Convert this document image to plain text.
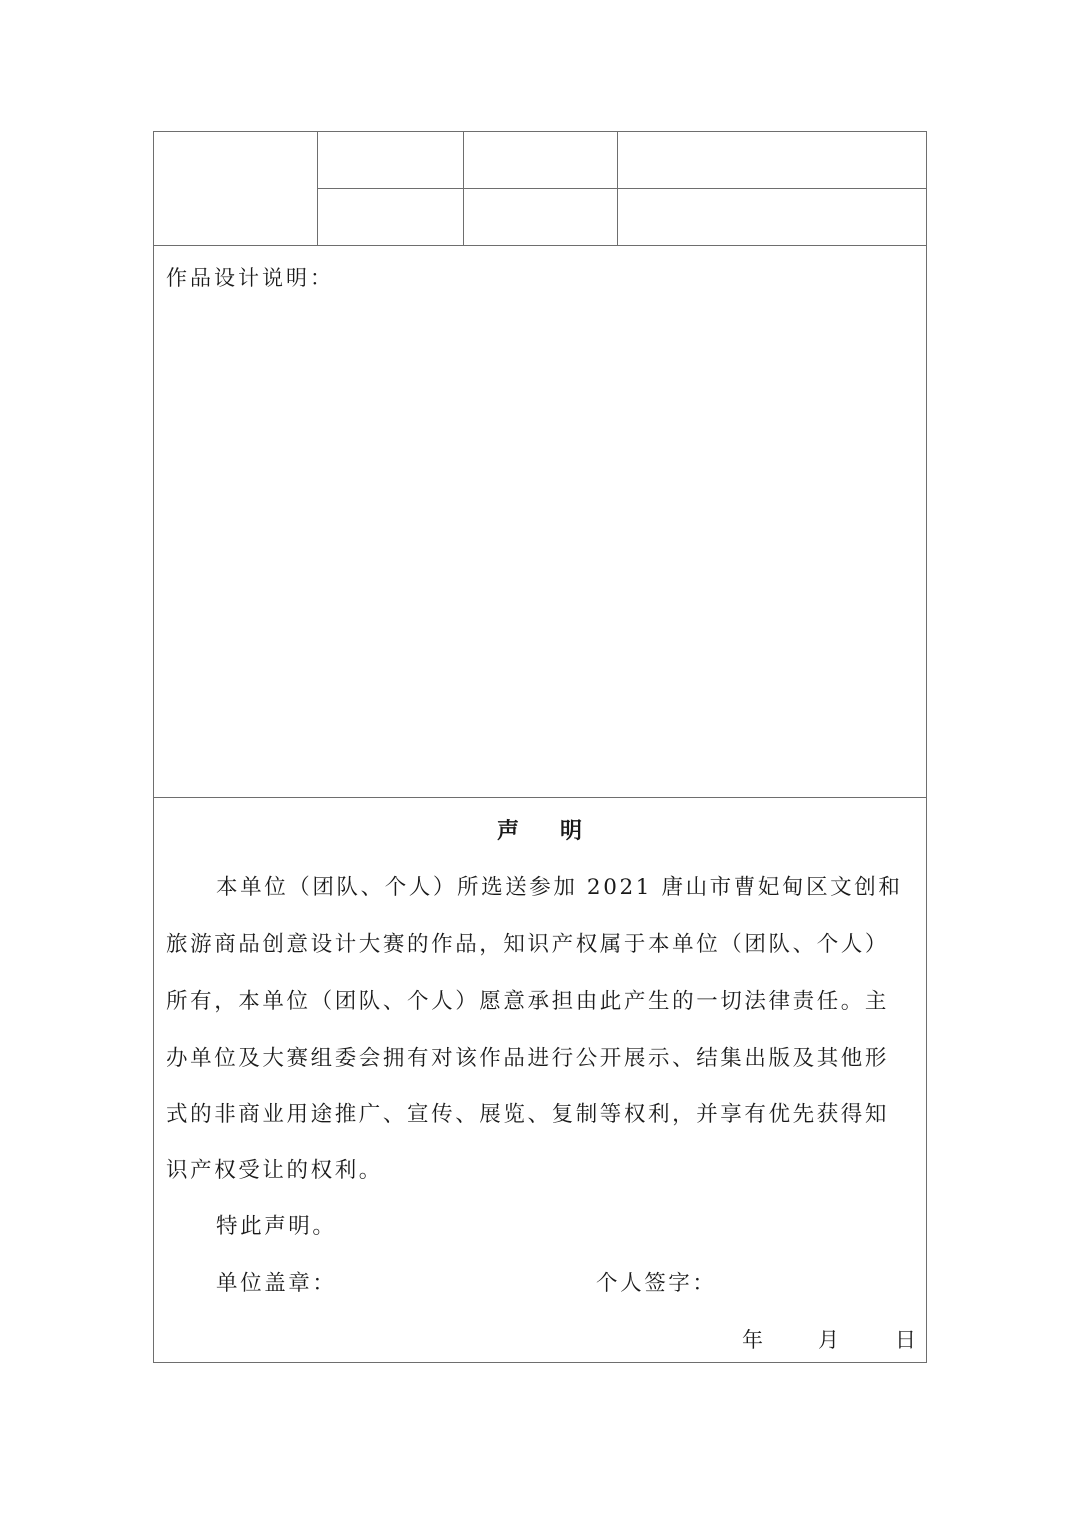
作品设计说明：
声 明
本单位（团队、个人）所选送参加 2021 唐山市曹妃甸区文创和
旅游商品创意设计大赛的作品，知识产权属于本单位（团队、个人）
所有，本单位（团队、个人）愿意承担由此产生的一切法律责任。主
办单位及大赛组委会拥有对该作品进行公开展示、结集出版及其他形
式的非商业用途推广、宣传、展览、复制等权利，并享有优先获得知
识产权受让的权利。
特此声明。
单位盖章：	个人签字：
年	月	日
